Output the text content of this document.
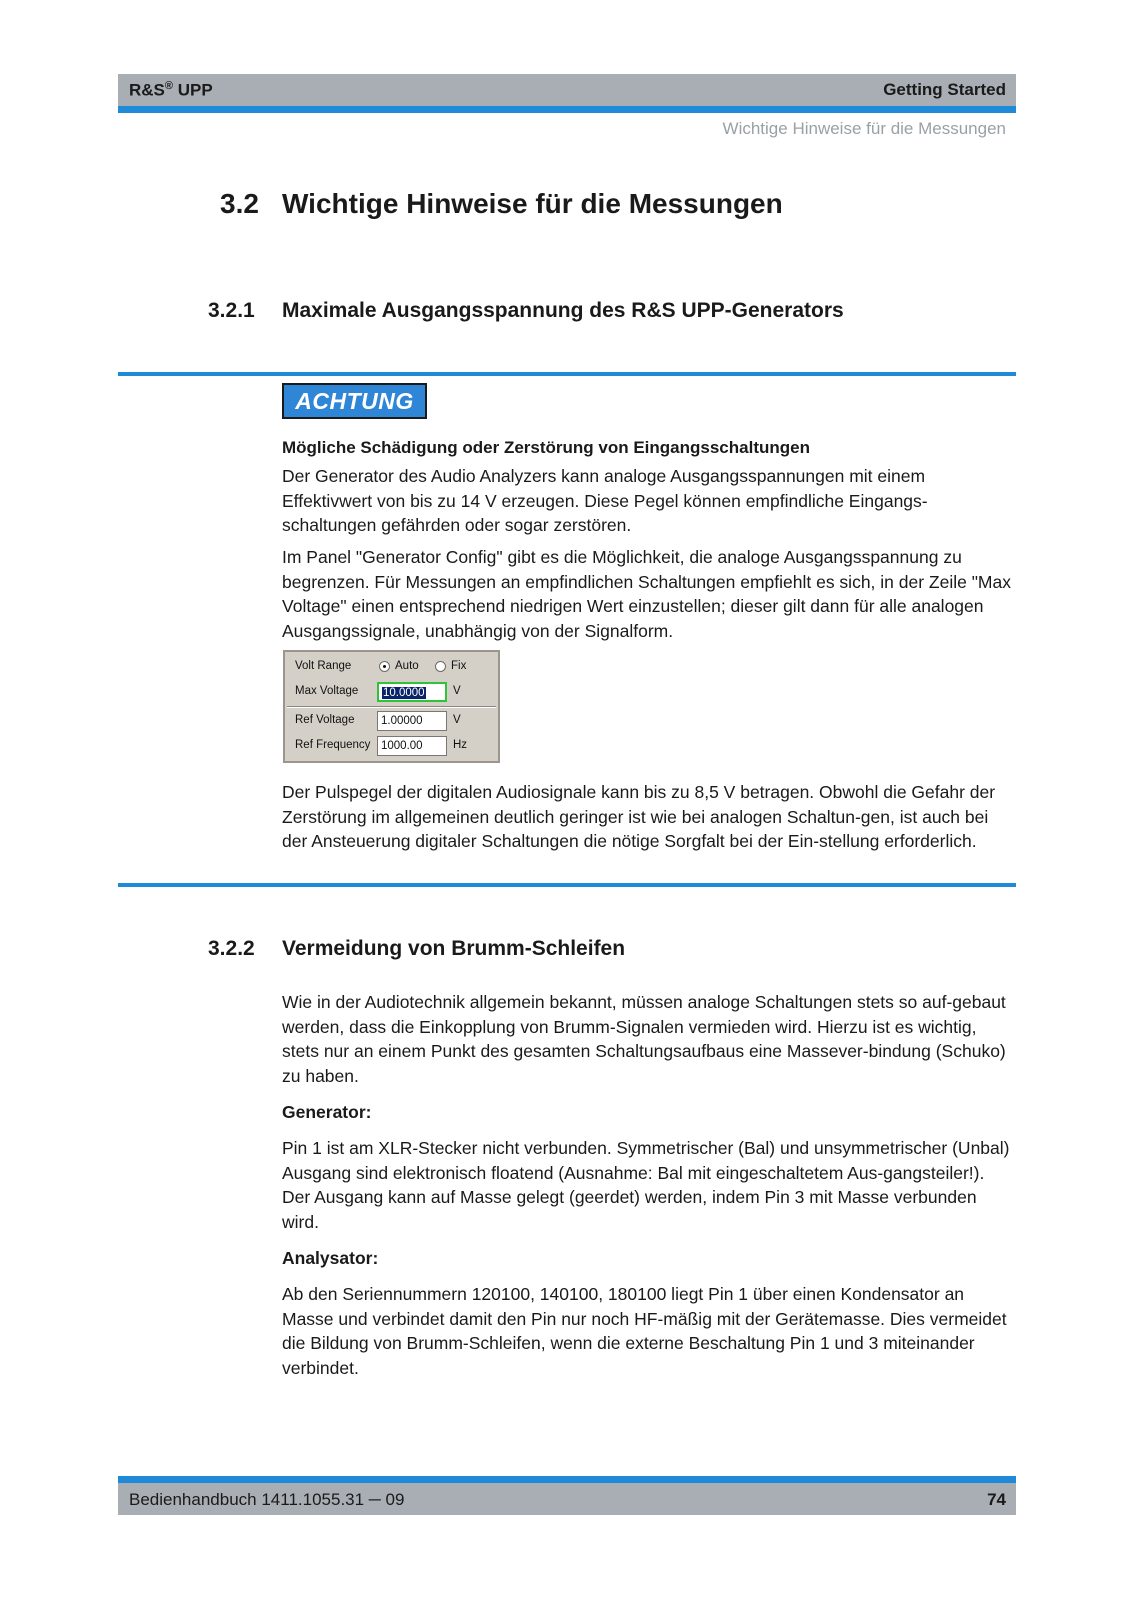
R&S® UPP	Getting Started
Wichtige Hinweise für die Messungen
3.2 Wichtige Hinweise für die Messungen
3.2.1 Maximale Ausgangsspannung des R&S UPP-Generators
ACHTUNG
Mögliche Schädigung oder Zerstörung von Eingangsschaltungen
Der Generator des Audio Analyzers kann analoge Ausgangsspannungen mit einem Effektivwert von bis zu 14 V erzeugen. Diese Pegel können empfindliche Eingangs-schaltungen gefährden oder sogar zerstören.
Im Panel "Generator Config" gibt es die Möglichkeit, die analoge Ausgangsspannung zu begrenzen. Für Messungen an empfindlichen Schaltungen empfiehlt es sich, in der Zeile "Max Voltage" einen entsprechend niedrigen Wert einzustellen; dieser gilt dann für alle analogen Ausgangssignale, unabhängig von der Signalform.
Volt Range	Auto	Fix
Max Voltage	10.0000	V
Ref Voltage	1.00000	V
Ref Frequency 1000.00	Hz
Der Pulspegel der digitalen Audiosignale kann bis zu 8,5 V betragen. Obwohl die Gefahr der Zerstörung im allgemeinen deutlich geringer ist wie bei analogen Schaltun-gen, ist auch bei der Ansteuerung digitaler Schaltungen die nötige Sorgfalt bei der Ein-stellung erforderlich.
3.2.2 Vermeidung von Brumm-Schleifen
Wie in der Audiotechnik allgemein bekannt, müssen analoge Schaltungen stets so auf-gebaut werden, dass die Einkopplung von Brumm-Signalen vermieden wird. Hierzu ist es wichtig, stets nur an einem Punkt des gesamten Schaltungsaufbaus eine Massever-bindung (Schuko) zu haben.
Generator:
Pin 1 ist am XLR-Stecker nicht verbunden. Symmetrischer (Bal) und unsymmetrischer (Unbal) Ausgang sind elektronisch floatend (Ausnahme: Bal mit eingeschaltetem Aus-gangsteiler!). Der Ausgang kann auf Masse gelegt (geerdet) werden, indem Pin 3 mit Masse verbunden wird.
Analysator:
Ab den Seriennummern 120100, 140100, 180100 liegt Pin 1 über einen Kondensator an Masse und verbindet damit den Pin nur noch HF-mäßig mit der Gerätemasse. Dies vermeidet die Bildung von Brumm-Schleifen, wenn die externe Beschaltung Pin 1 und 3 miteinander verbindet.
Bedienhandbuch 1411.1055.31 ─ 09	74
